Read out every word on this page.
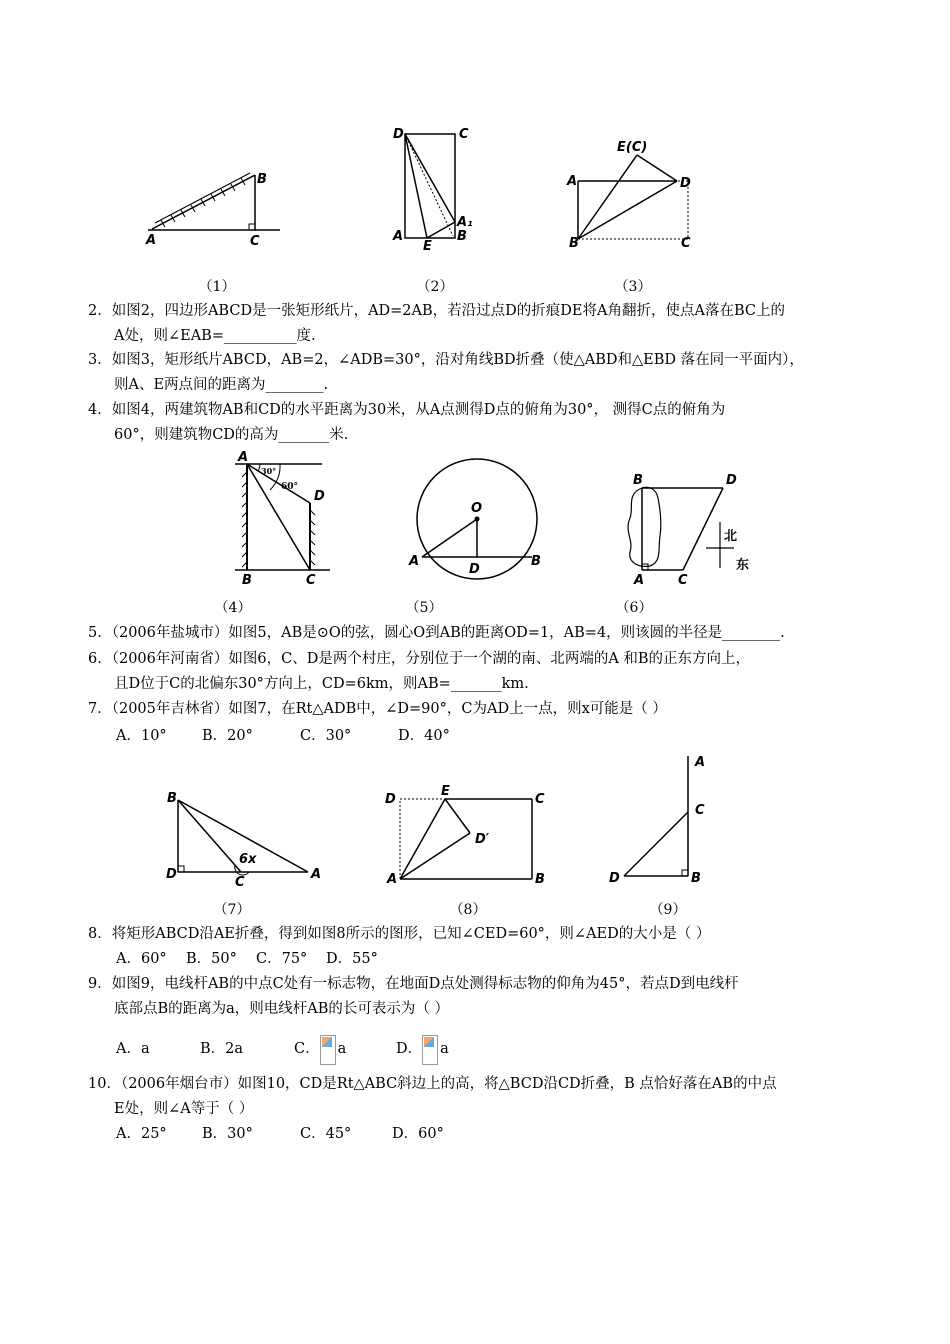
A
B
C
D	C
A
E
B
A₁
E(C)
A	D
B	C
（1）	（2）	（3）
2．如图2，四边形ABCD是一张矩形纸片，AD=2AB，若沿过点D的折痕DE将A角翻折，使点A落在BC上的
A处，则∠EAB=__________度.
3．如图3，矩形纸片ABCD，AB=2，∠ADB=30°，沿对角线BD折叠（使△ABD和△EBD 落在同一平面内），
则A、E两点间的距离为________.
4．如图4，两建筑物AB和CD的水平距离为30米，从A点测得D点的俯角为30°， 测得C点的俯角为
60°，则建筑物CD的高为_______米.
A
30°
60°
D
B	C
O
A
D
B
B	D
北
东
A	C
（4）	（5）	（6）
5．（2006年盐城市）如图5，AB是⊙O的弦，圆心O到AB的距离OD=1，AB=4，则该圆的半径是________.
6．（2006年河南省）如图6，C、D是两个村庄，分别位于一个湖的南、北两端的A 和B的正东方向上，
且D位于C的北偏东30°方向上，CD=6km，则AB=_______km.
7．（2005年吉林省）如图7，在Rt△ADB中，∠D=90°，C为AD上一点，则x可能是（ ）
A．10° B．20°	C．30°	D．40°
B
6x
D
C
A
D
E
C
D′
A	B
A
C
D	B
（7）	（8）	（9）
8．将矩形ABCD沿AE折叠，得到如图8所示的图形，已知∠CED=60°，则∠AED的大小是（ ）
A．60° B．50° C．75° D．55°
9．如图9，电线杆AB的中点C处有一标志物，在地面D点处测得标志物的仰角为45°，若点D到电线杆
底部点B的距离为a，则电线杆AB的长可表示为（ ）
A．a	B．2a	C． a	D． a
10．（2006年烟台市）如图10，CD是Rt△ABC斜边上的高，将△BCD沿CD折叠，B 点恰好落在AB的中点
E处，则∠A等于（ ）
A．25° B．30°	C．45°	D．60°
